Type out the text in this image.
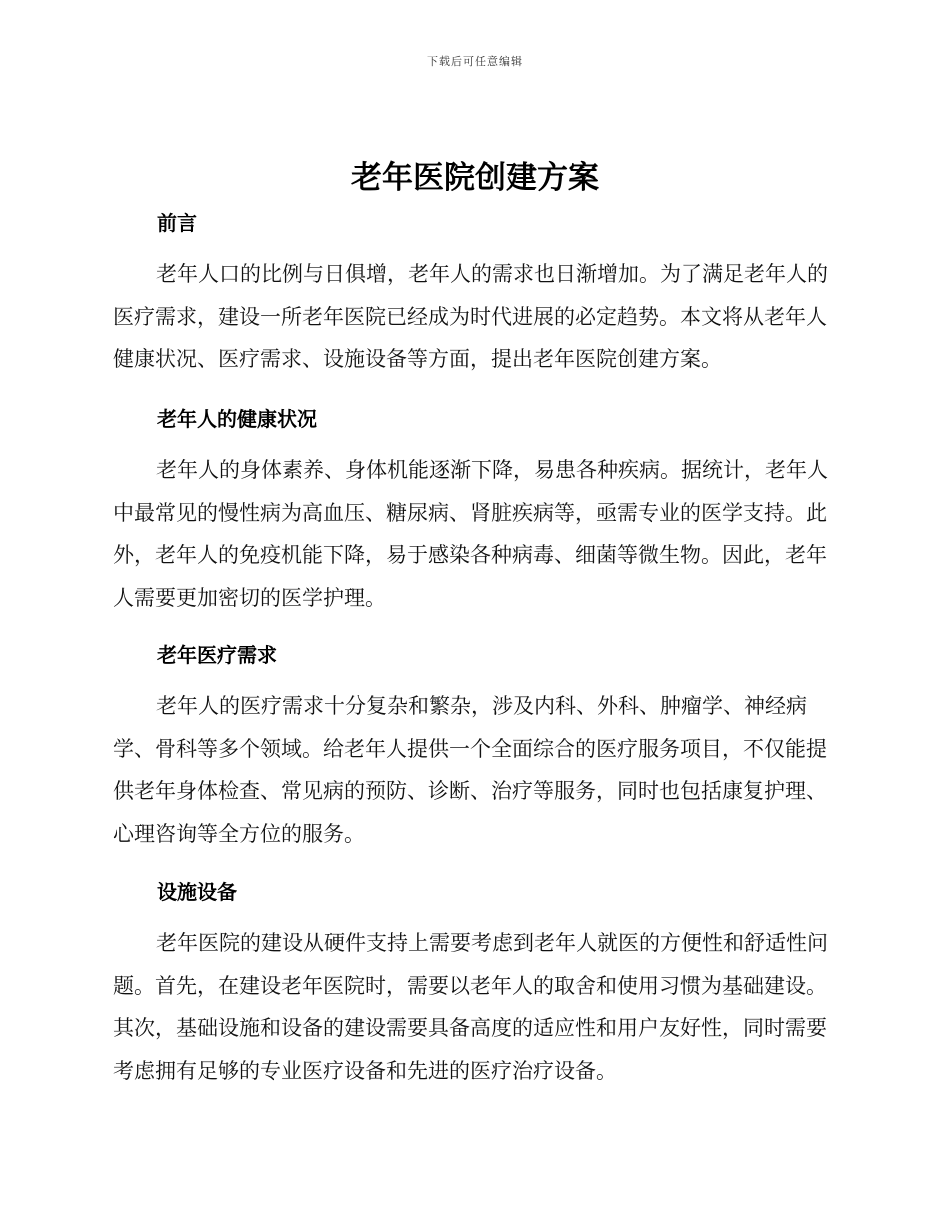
下载后可任意编辑
老年医院创建方案
前言

老年人口的比例与日俱增，老年人的需求也日渐增加。为了满足老年人的医疗需求，建设一所老年医院已经成为时代进展的必定趋势。本文将从老年人健康状况、医疗需求、设施设备等方面，提出老年医院创建方案。

老年人的健康状况

老年人的身体素养、身体机能逐渐下降，易患各种疾病。据统计，老年人中最常见的慢性病为高血压、糖尿病、肾脏疾病等，亟需专业的医学支持。此外，老年人的免疫机能下降，易于感染各种病毒、细菌等微生物。因此，老年人需要更加密切的医学护理。

老年医疗需求

老年人的医疗需求十分复杂和繁杂，涉及内科、外科、肿瘤学、神经病学、骨科等多个领域。给老年人提供一个全面综合的医疗服务项目，不仅能提供老年身体检查、常见病的预防、诊断、治疗等服务，同时也包括康复护理、心理咨询等全方位的服务。

设施设备

老年医院的建设从硬件支持上需要考虑到老年人就医的方便性和舒适性问题。首先，在建设老年医院时，需要以老年人的取舍和使用习惯为基础建设。其次，基础设施和设备的建设需要具备高度的适应性和用户友好性，同时需要考虑拥有足够的专业医疗设备和先进的医疗治疗设备。
